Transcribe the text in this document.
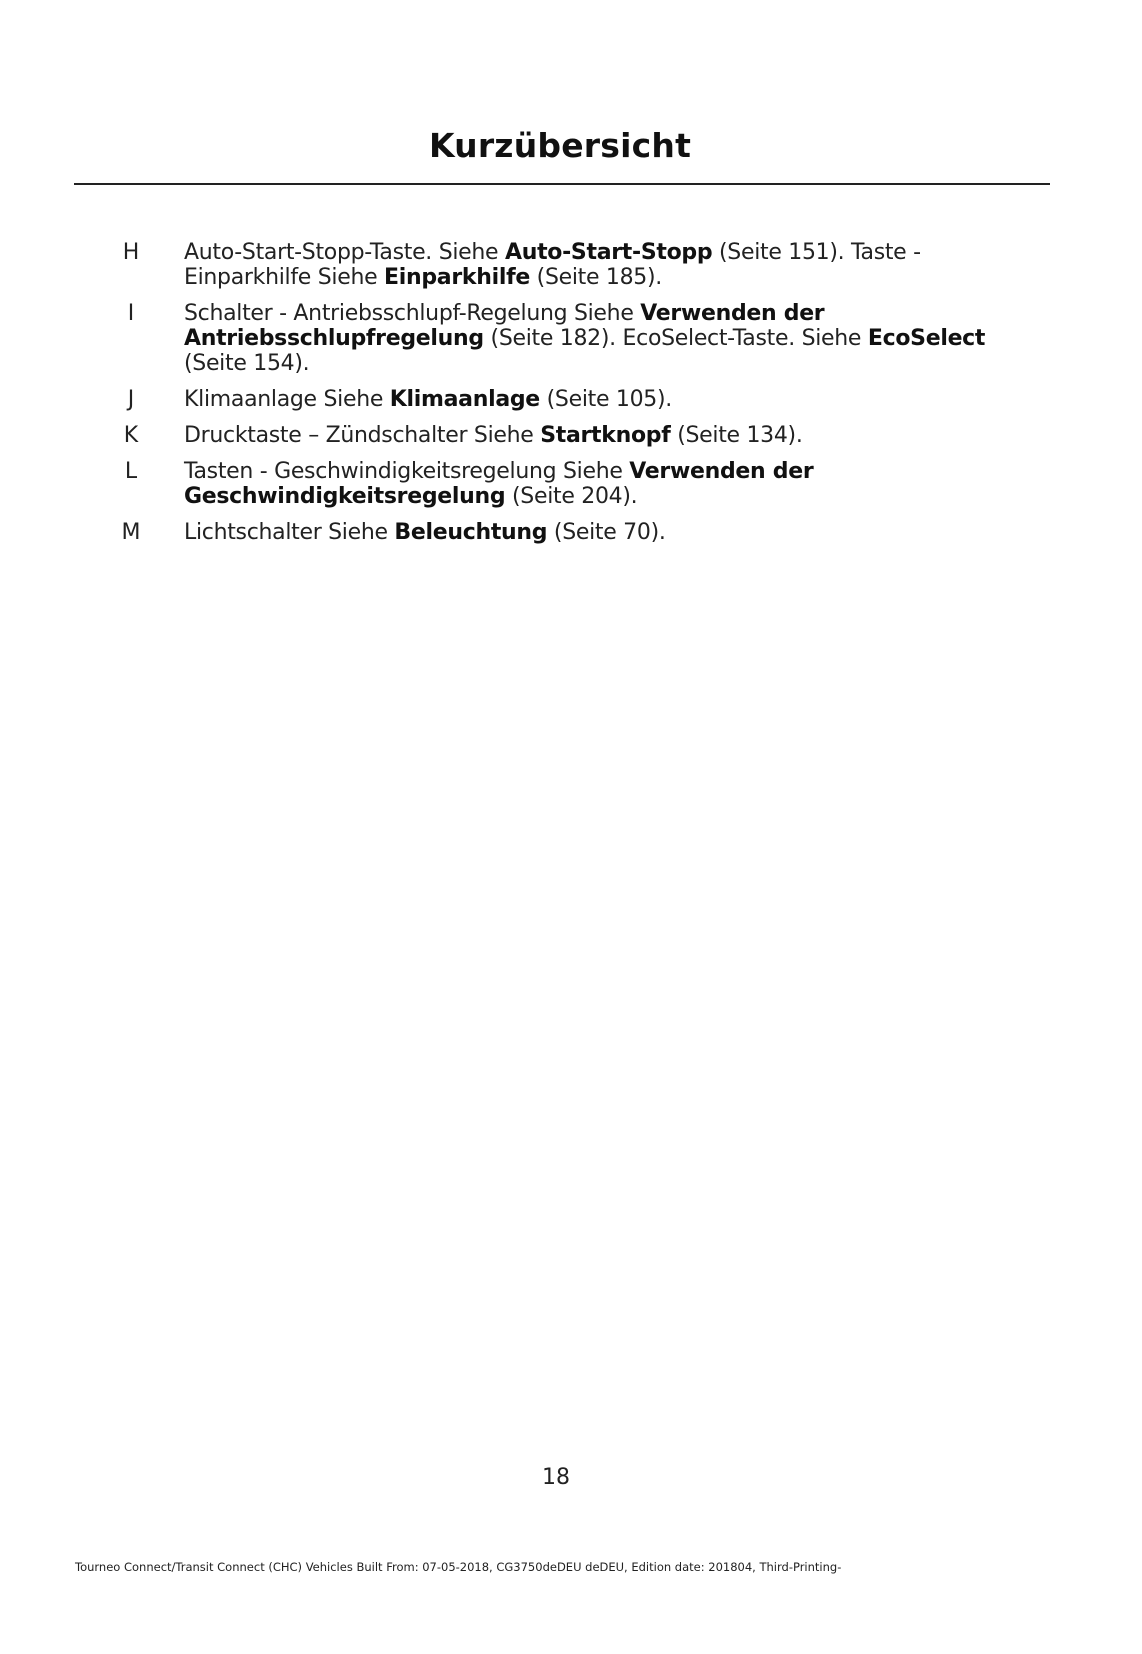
Kurzübersicht
H	Auto-Start-Stopp-Taste. Siehe Auto-Start-Stopp (Seite 151). Taste - Einparkhilfe Siehe Einparkhilfe (Seite 185).
I	Schalter - Antriebsschlupf-Regelung Siehe Verwenden der Antriebsschlupfregelung (Seite 182). EcoSelect-Taste. Siehe EcoSelect (Seite 154).
J	Klimaanlage Siehe Klimaanlage (Seite 105).
K	Drucktaste – Zündschalter Siehe Startknopf (Seite 134).
L	Tasten - Geschwindigkeitsregelung Siehe Verwenden der Geschwindigkeitsregelung (Seite 204).
M	Lichtschalter Siehe Beleuchtung (Seite 70).
18
Tourneo Connect/Transit Connect (CHC) Vehicles Built From: 07-05-2018, CG3750deDEU deDEU, Edition date: 201804, Third-Printing-
